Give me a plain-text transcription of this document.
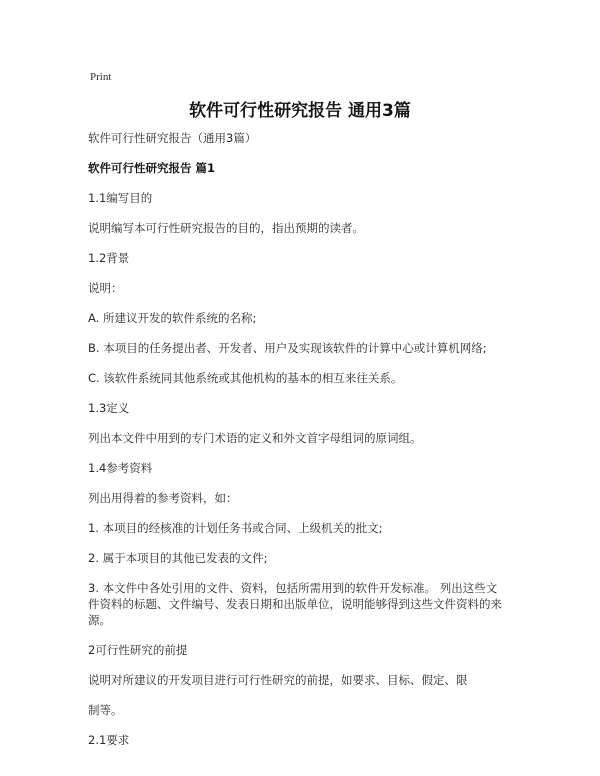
Print
软件可行性研究报告 通用3篇

软件可行性研究报告（通用3篇）

软件可行性研究报告 篇1

1.1编写目的

说明编写本可行性研究报告的目的，指出预期的读者。

1.2背景

说明：

A. 所建议开发的软件系统的名称;

B. 本项目的任务提出者、开发者、用户及实现该软件的计算中心或计算机网络;

C. 该软件系统同其他系统或其他机构的基本的相互来往关系。

1.3定义

列出本文件中用到的专门术语的定义和外文首字母组词的原词组。

1.4参考资料

列出用得着的参考资料，如：

1. 本项目的经核准的计划任务书或合同、上级机关的批文;

2. 属于本项目的其他已发表的文件;

3. 本文件中各处引用的文件、资料，包括所需用到的软件开发标准。 列出这些文件资料的标题、文件编号、发表日期和出版单位，说明能够得到这些文件资料的来源。

2可行性研究的前提

说明对所建议的开发项目进行可行性研究的前提，如要求、目标、假定、限

制等。

2.1要求
